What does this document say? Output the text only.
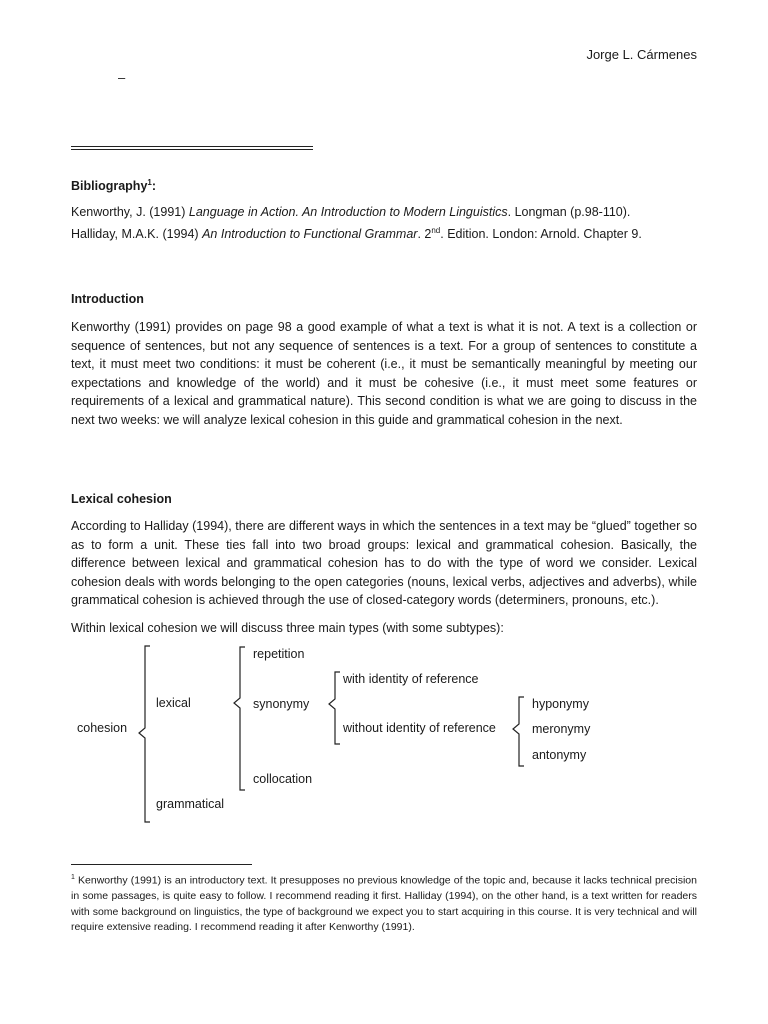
Jorge L. Cármenes
–
Bibliography$^1$:

Kenworthy, J. (1991) Language in Action. An Introduction to Modern Linguistics. Longman (p.98-110).

Halliday, M.A.K. (1994) An Introduction to Functional Grammar. 2nd. Edition. London: Arnold. Chapter 9.

Introduction
Kenworthy (1991) provides on page 98 a good example of what a text is what it is not. A text is a collection or sequence of sentences, but not any sequence of sentences is a text. For a group of sentences to constitute a text, it must meet two conditions: it must be coherent (i.e., it must be semantically meaningful by meeting our expectations and knowledge of the world) and it must be cohesive (i.e., it must meet some features or requirements of a lexical and grammatical nature). This second condition is what we are going to discuss in the next two weeks: we will analyze lexical cohesion in this guide and grammatical cohesion in the next.
Lexical cohesion
According to Halliday (1994), there are different ways in which the sentences in a text may be “glued” together so as to form a unit. These ties fall into two broad groups: lexical and grammatical cohesion. Basically, the difference between lexical and grammatical cohesion has to do with the type of word we consider. Lexical cohesion deals with words belonging to the open categories (nouns, lexical verbs, adjectives and adverbs), while grammatical cohesion is achieved through the use of closed-category words (determiners, pronouns, etc.).
Within lexical cohesion we will discuss three main types (with some subtypes):
cohesion
lexical
grammatical
repetition
synonymy
collocation
with identity of reference
without identity of reference
hyponymy
meronymy
antonymy
$^1$ Kenworthy (1991) is an introductory text. It presupposes no previous knowledge of the topic and, because it lacks technical precision in some passages, is quite easy to follow. I recommend reading it first. Halliday (1994), on the other hand, is a text written for readers with some background on linguistics, the type of background we expect you to start acquiring in this course. It is very technical and will require extensive reading. I recommend reading it after Kenworthy (1991).
